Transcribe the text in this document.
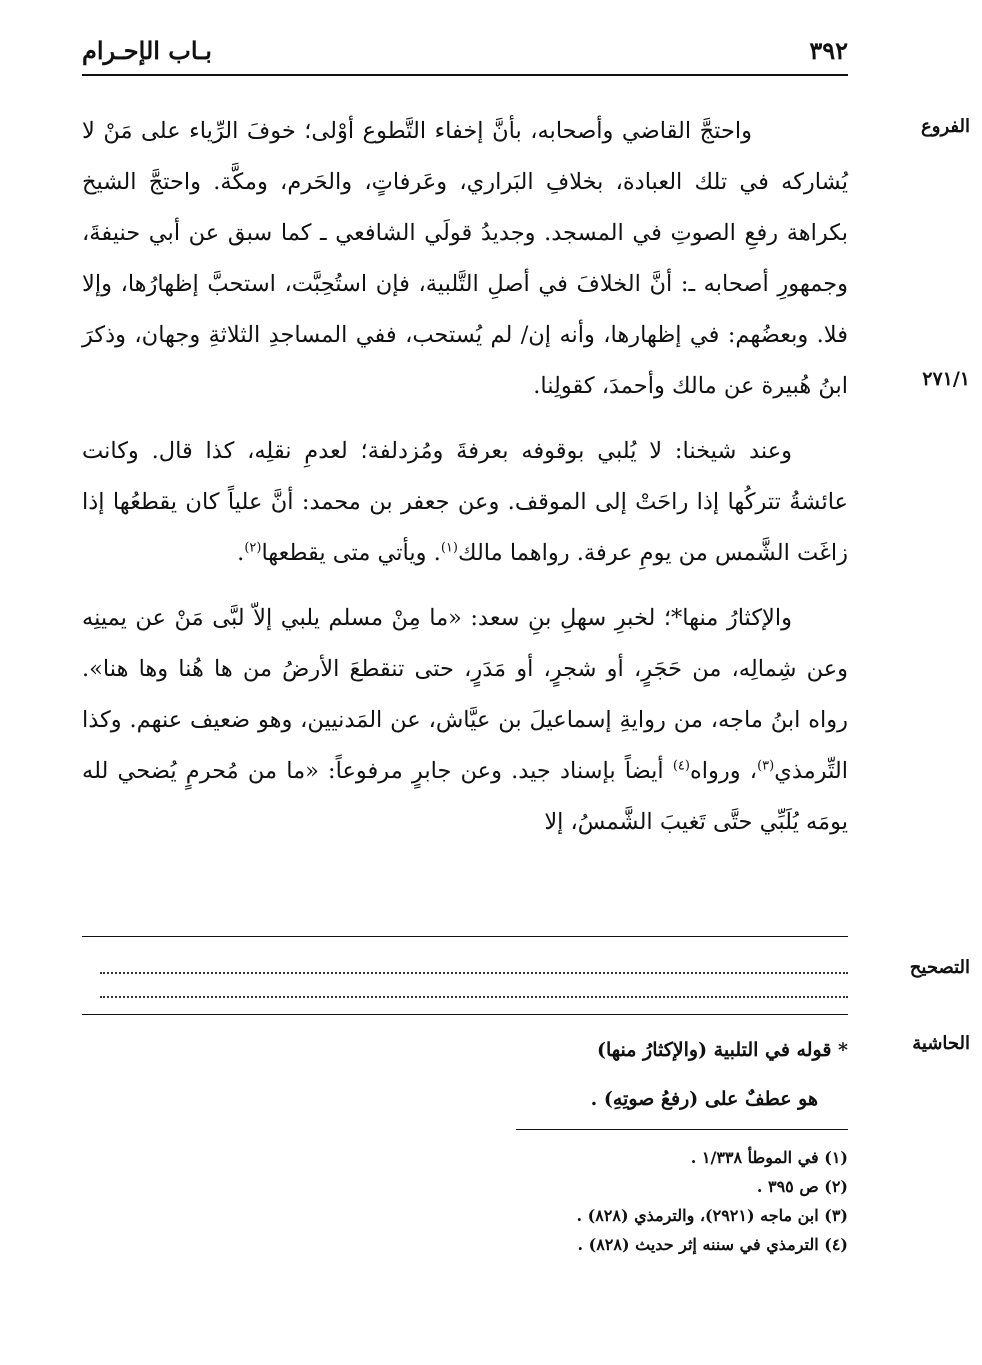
٣٩٢
بـاب الإحـرام
الفروع
٢٧١/١

واحتجَّ القاضي وأصحابه، بأنَّ إخفاء التَّطوع أوْلى؛ خوفَ الرِّياء على مَنْ لا يُشاركه في تلك العبادة، بخلافِ البَراري، وعَرفاتٍ، والحَرم، ومكَّة. واحتجَّ الشيخ بكراهة رفعِ الصوتِ في المسجد. وجديدُ قولَي الشافعي ـ كما سبق عن أبي حنيفةَ، وجمهورِ أصحابه ـ: أنَّ الخلافَ في أصلِ التَّلبية، فإن استُحِبَّت، استحبَّ إظهارُها، وإلا فلا. وبعضُهم: في إظهارها، وأنه إن/ لم يُستحب، ففي المساجدِ الثلاثةِ وجهان، وذكرَ ابنُ هُبيرة عن مالك وأحمدَ، كقولِنا.

وعند شيخنا: لا يُلبي بوقوفه بعرفةَ ومُزدلفة؛ لعدمِ نقلِه، كذا قال. وكانت عائشةُ تتركُها إذا راحَتْ إلى الموقف. وعن جعفر بن محمد: أنَّ علياً كان يقطعُها إذا زاغَت الشَّمس من يومِ عرفة. رواهما مالك$^{(١)}$. ويأتي متى يقطعها$^{(٢)}$.

والإكثارُ منها*؛ لخبرِ سهلِ بنِ سعد: «ما مِنْ مسلم يلبي إلاّ لبَّى مَنْ عن يمينِه وعن شِمالِه، من حَجَرٍ، أو شجرٍ، أو مَدَرٍ، حتى تنقطعَ الأرضُ من ها هُنا وها هنا». رواه ابنُ ماجه، من روايةِ إسماعيلَ بن عيَّاش، عن المَدنيين، وهو ضعيف عنهم. وكذا التِّرمذي$^{(٣)}$، ورواه$^{(٤)}$ أيضاً بإسناد جيد. وعن جابرٍ مرفوعاً: «ما من مُحرمٍ يُضحي لله يومَه يُلَبِّي حتَّى تَغيبَ الشَّمسُ، إلا

التصحيح
الحاشية
* قوله في التلبية (والإكثارُ منها)
هو عطفٌ على (رفعُ صوتِهِ) .
(١) في الموطأ ١/٣٣٨ .
(٢) ص ٣٩٥ .
(٣) ابن ماجه (٢٩٢١)، والترمذي (٨٢٨) .
(٤) الترمذي في سننه إثر حديث (٨٢٨) .
